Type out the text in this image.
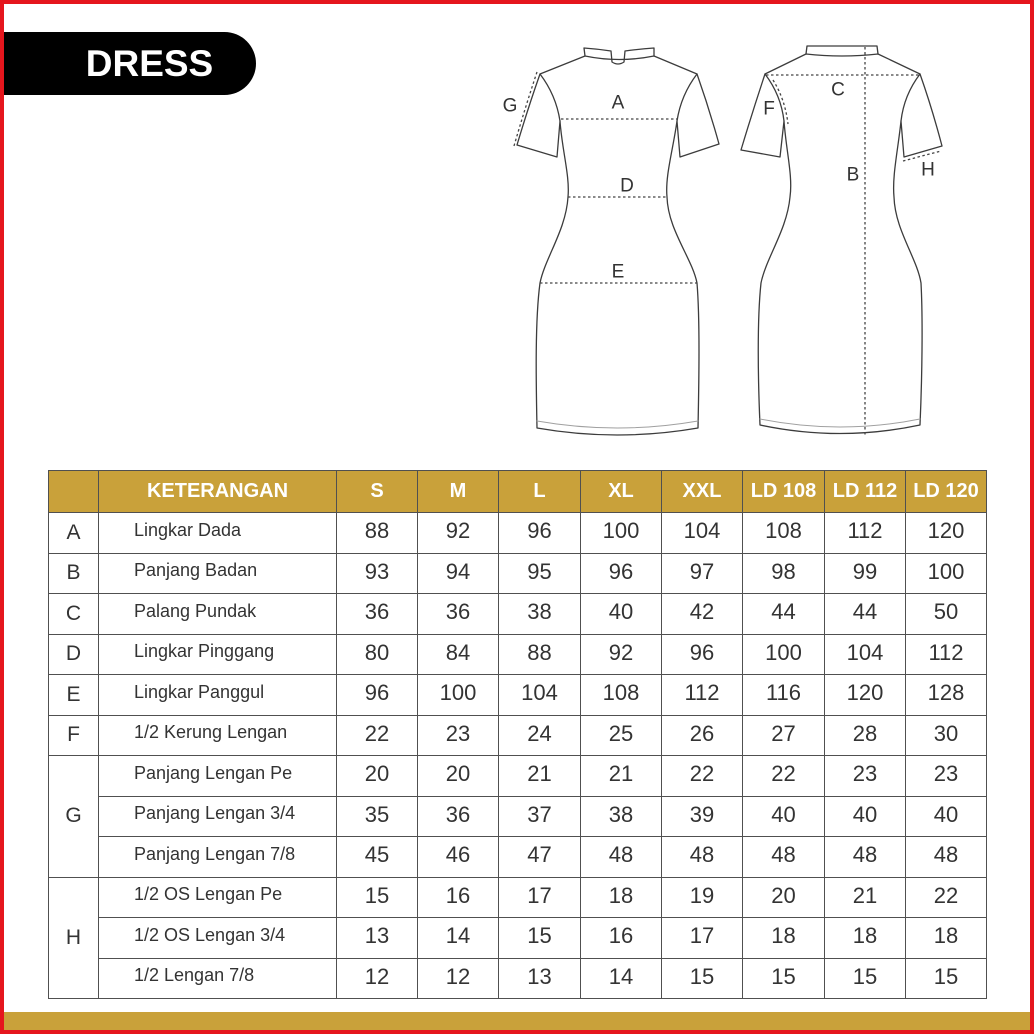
DRESS
G	A
D
E
F
C
B	H
	KETERANGAN	S	M	L	XL	XXL	LD 108	LD 112	LD 120
A	Lingkar Dada	88	92	96	100	104	108	112	120
B	Panjang Badan	93	94	95	96	97	98	99	100
C	Palang Pundak	36	36	38	40	42	44	44	50
D	Lingkar Pinggang	80	84	88	92	96	100	104	112
E	Lingkar Panggul	96	100	104	108	112	116	120	128
F	1/2 Kerung Lengan	22	23	24	25	26	27	28	30
G	Panjang Lengan Pe	20	20	21	21	22	22	23	23
	Panjang Lengan 3/4	35	36	37	38	39	40	40	40
	Panjang Lengan 7/8	45	46	47	48	48	48	48	48
H	1/2 OS Lengan Pe	15	16	17	18	19	20	21	22
	1/2 OS Lengan 3/4	13	14	15	16	17	18	18	18
	1/2 Lengan 7/8	12	12	13	14	15	15	15	15
